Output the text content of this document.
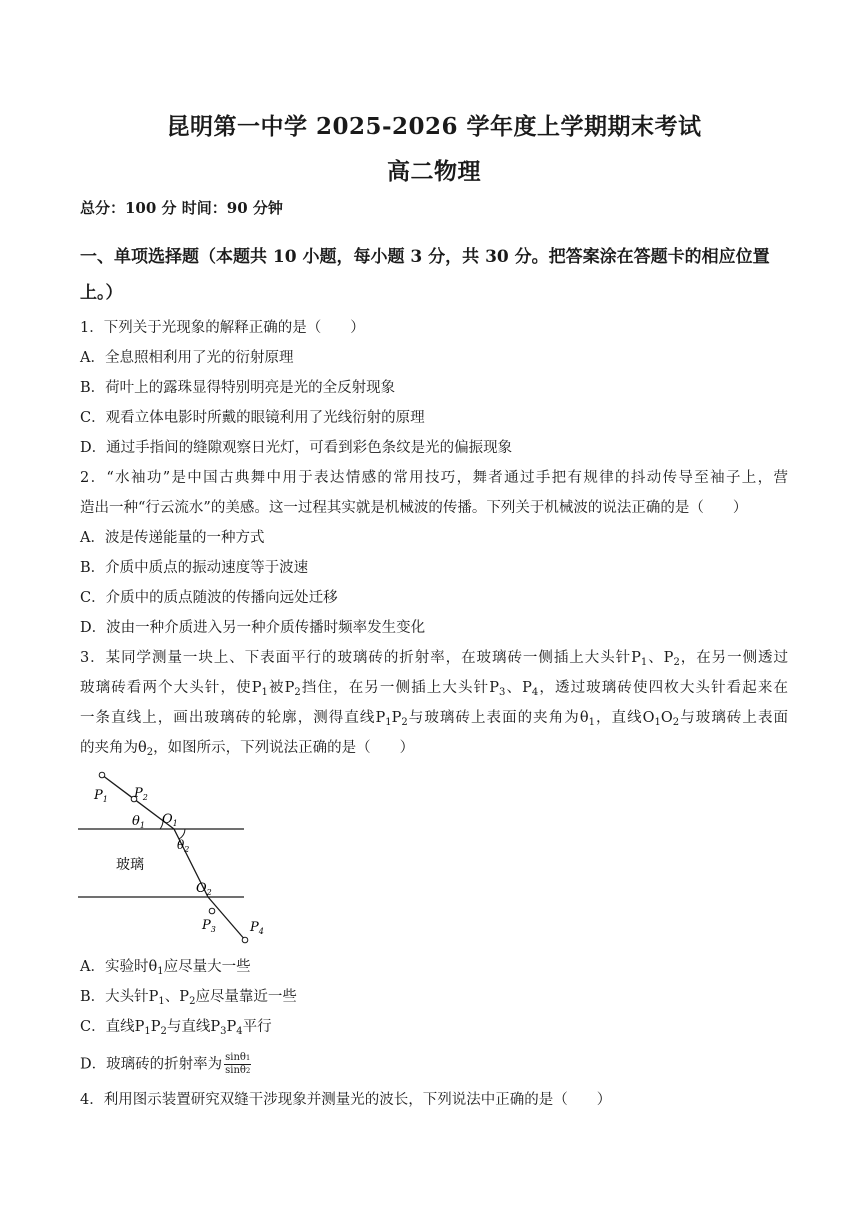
昆明第一中学 2025-2026 学年度上学期期末考试
高二物理
总分：100 分 时间：90 分钟
一、单项选择题（本题共 10 小题，每小题 3 分，共 30 分。把答案涂在答题卡的相应位置
上。）
1．下列关于光现象的解释正确的是（　　）
A．全息照相利用了光的衍射原理
B．荷叶上的露珠显得特别明亮是光的全反射现象
C．观看立体电影时所戴的眼镜利用了光线衍射的原理
D．通过手指间的缝隙观察日光灯，可看到彩色条纹是光的偏振现象
2．“水袖功”是中国古典舞中用于表达情感的常用技巧，舞者通过手把有规律的抖动传导至袖子上，营
造出一种“行云流水”的美感。这一过程其实就是机械波的传播。下列关于机械波的说法正确的是（　　）
A．波是传递能量的一种方式
B．介质中质点的振动速度等于波速
C．介质中的质点随波的传播向远处迁移
D．波由一种介质进入另一种介质传播时频率发生变化
3．某同学测量一块上、下表面平行的玻璃砖的折射率，在玻璃砖一侧插上大头针$P_1$、$P_2$，在另一侧透过
玻璃砖看两个大头针，使$P_1$被$P_2$挡住，在另一侧插上大头针$P_3$、$P_4$，透过玻璃砖使四枚大头针看起来在
一条直线上，画出玻璃砖的轮廓，测得直线$P_1P_2$与玻璃砖上表面的夹角为$\theta_1$，直线$O_1O_2$与玻璃砖上表面
的夹角为$\theta_2$，如图所示，下列说法正确的是（　　）
$P_1$ $P_2$
$\theta_1$ $O_1$
$\theta_2$
玻璃
$O_2$
$P_3$	$P_4$
A．实验时$\theta_1$应尽量大一些
B．大头针$P_1$、$P_2$应尽量靠近一些
C．直线$P_1P_2$与直线$P_3P_4$平行
D．玻璃砖的折射率为 $\frac{\sin\theta 1}{\sin\theta 2}$
4．利用图示装置研究双缝干涉现象并测量光的波长，下列说法中正确的是（　　）
